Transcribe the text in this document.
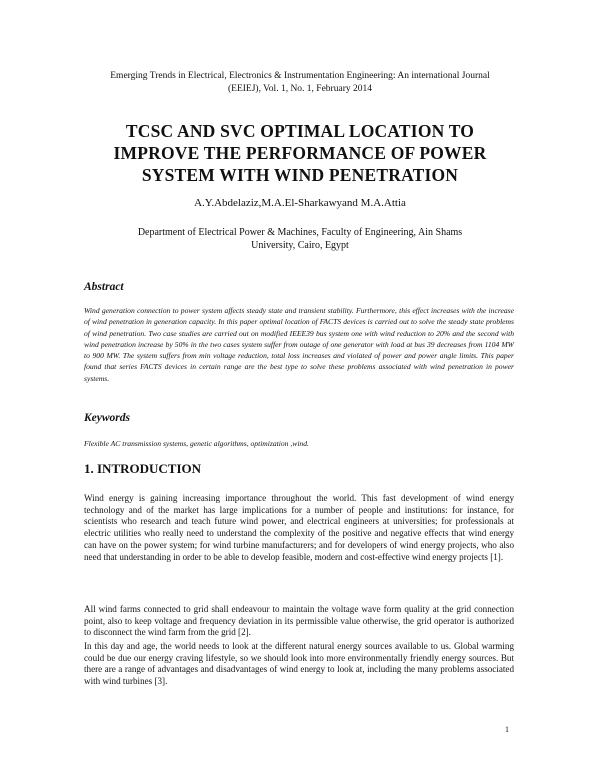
Emerging Trends in Electrical, Electronics & Instrumentation Engineering: An international Journal
(EEIEJ), Vol. 1, No. 1, February 2014
TCSC AND SVC OPTIMAL LOCATION TO
IMPROVE THE PERFORMANCE OF POWER
SYSTEM WITH WIND PENETRATION
A.Y.Abdelaziz,M.A.El-Sharkawyand M.A.Attia
Department of Electrical Power & Machines, Faculty of Engineering, Ain Shams
University, Cairo, Egypt
Abstract
Wind generation connection to power system affects steady state and transient stability. Furthermore, this effect increases with the increase of wind penetration in generation capacity. In this paper optimal location of FACTS devices is carried out to solve the steady state problems of wind penetration. Two case studies are carried out on modified IEEE39 bus system one with wind reduction to 20% and the second with wind penetration increase by 50% in the two cases system suffer from outage of one generator with load at bus 39 decreases from 1104 MW to 900 MW. The system suffers from min voltage reduction, total loss increases and violated of power and power angle limits. This paper found that series FACTS devices in certain range are the best type to solve these problems associated with wind penetration in power systems.
Keywords
Flexible AC transmission systems, genetic algorithms, optimization ,wind.
1. INTRODUCTION

Wind energy is gaining increasing importance throughout the world. This fast development of wind energy technology and of the market has large implications for a number of people and institutions: for instance, for scientists who research and teach future wind power, and electrical engineers at universities; for professionals at electric utilities who really need to understand the complexity of the positive and negative effects that wind energy can have on the power system; for wind turbine manufacturers; and for developers of wind energy projects, who also need that understanding in order to be able to develop feasible, modern and cost-effective wind energy projects [1].

All wind farms connected to grid shall endeavour to maintain the voltage wave form quality at the grid connection point, also to keep voltage and frequency deviation in its permissible value otherwise, the grid operator is authorized to disconnect the wind farm from the grid [2].

In this day and age, the world needs to look at the different natural energy sources available to us. Global warming could be due our energy craving lifestyle, so we should look into more environmentally friendly energy sources. But there are a range of advantages and disadvantages of wind energy to look at, including the many problems associated with wind turbines [3].

1
